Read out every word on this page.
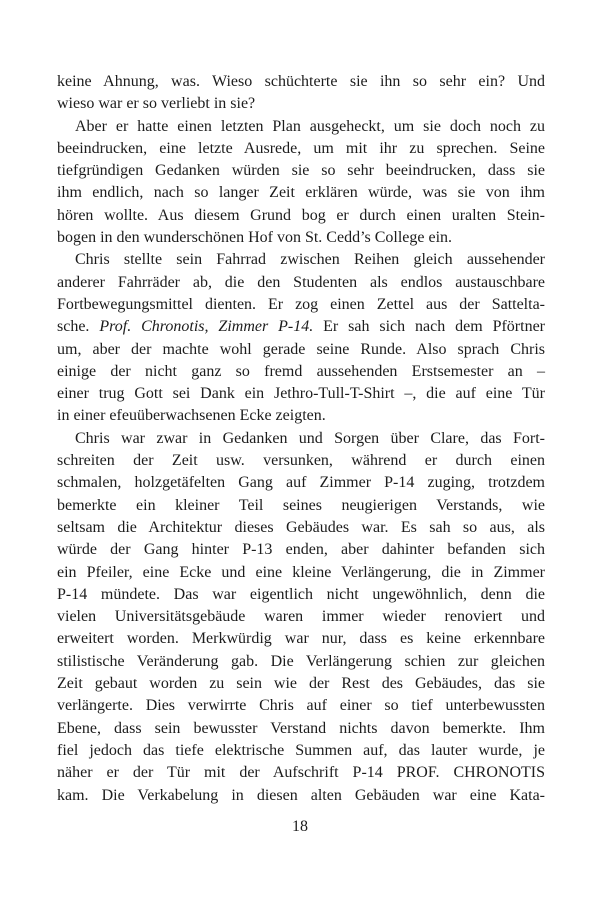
keine Ahnung, was. Wieso schüchterte sie ihn so sehr ein? Und
wieso war er so verliebt in sie?
Aber er hatte einen letzten Plan ausgeheckt, um sie doch noch zu
beeindrucken, eine letzte Ausrede, um mit ihr zu sprechen. Seine
tiefgründigen Gedanken würden sie so sehr beeindrucken, dass sie
ihm endlich, nach so langer Zeit erklären würde, was sie von ihm
hören wollte. Aus diesem Grund bog er durch einen uralten Stein-
bogen in den wunderschönen Hof von St. Cedd’s College ein.
Chris stellte sein Fahrrad zwischen Reihen gleich aussehender
anderer Fahrräder ab, die den Studenten als endlos austauschbare
Fortbewegungsmittel dienten. Er zog einen Zettel aus der Sattelta-
sche. Prof. Chronotis, Zimmer P-14. Er sah sich nach dem Pförtner
um, aber der machte wohl gerade seine Runde. Also sprach Chris
einige der nicht ganz so fremd aussehenden Erstsemester an –
einer trug Gott sei Dank ein Jethro-Tull-T-Shirt –, die auf eine Tür
in einer efeuüberwachsenen Ecke zeigten.
Chris war zwar in Gedanken und Sorgen über Clare, das Fort-
schreiten der Zeit usw. versunken, während er durch einen
schmalen, holzgetäfelten Gang auf Zimmer P-14 zuging, trotzdem
bemerkte ein kleiner Teil seines neugierigen Verstands, wie
seltsam die Architektur dieses Gebäudes war. Es sah so aus, als
würde der Gang hinter P-13 enden, aber dahinter befanden sich
ein Pfeiler, eine Ecke und eine kleine Verlängerung, die in Zimmer
P-14 mündete. Das war eigentlich nicht ungewöhnlich, denn die
vielen Universitätsgebäude waren immer wieder renoviert und
erweitert worden. Merkwürdig war nur, dass es keine erkennbare
stilistische Veränderung gab. Die Verlängerung schien zur gleichen
Zeit gebaut worden zu sein wie der Rest des Gebäudes, das sie
verlängerte. Dies verwirrte Chris auf einer so tief unterbewussten
Ebene, dass sein bewusster Verstand nichts davon bemerkte. Ihm
fiel jedoch das tiefe elektrische Summen auf, das lauter wurde, je
näher er der Tür mit der Aufschrift P-14 PROF. CHRONOTIS
kam. Die Verkabelung in diesen alten Gebäuden war eine Kata-
18
